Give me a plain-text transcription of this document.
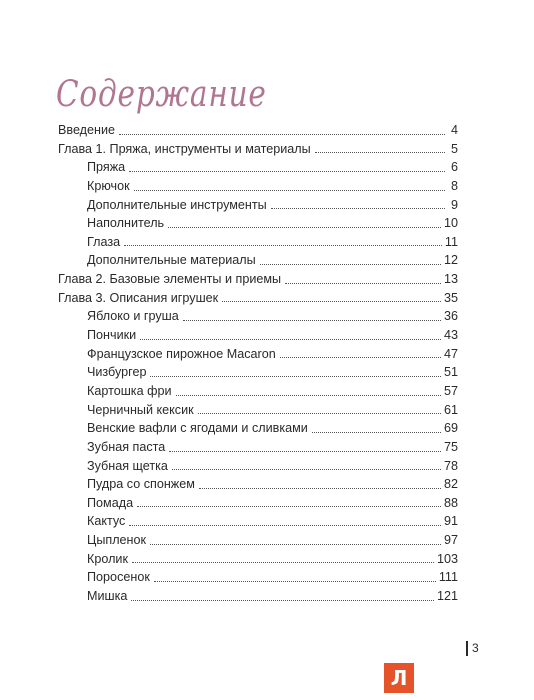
Содержание
Введение	4
Глава 1. Пряжа, инструменты и материалы	5
Пряжа	6
Крючок	8
Дополнительные инструменты	9
Наполнитель	10
Глаза	11
Дополнительные материалы	12
Глава 2. Базовые элементы и приемы	13
Глава 3. Описания игрушек	35
Яблоко и груша	36
Пончики	43
Французское пирожное Macaron	47
Чизбургер	51
Картошка фри	57
Черничный кексик	61
Венские вафли с ягодами и сливками	69
Зубная паста	75
Зубная щетка	78
Пудра со спонжем	82
Помада	88
Кактус	91
Цыпленок	97
Кролик	103
Поросенок	111
Мишка	121
3
Л
